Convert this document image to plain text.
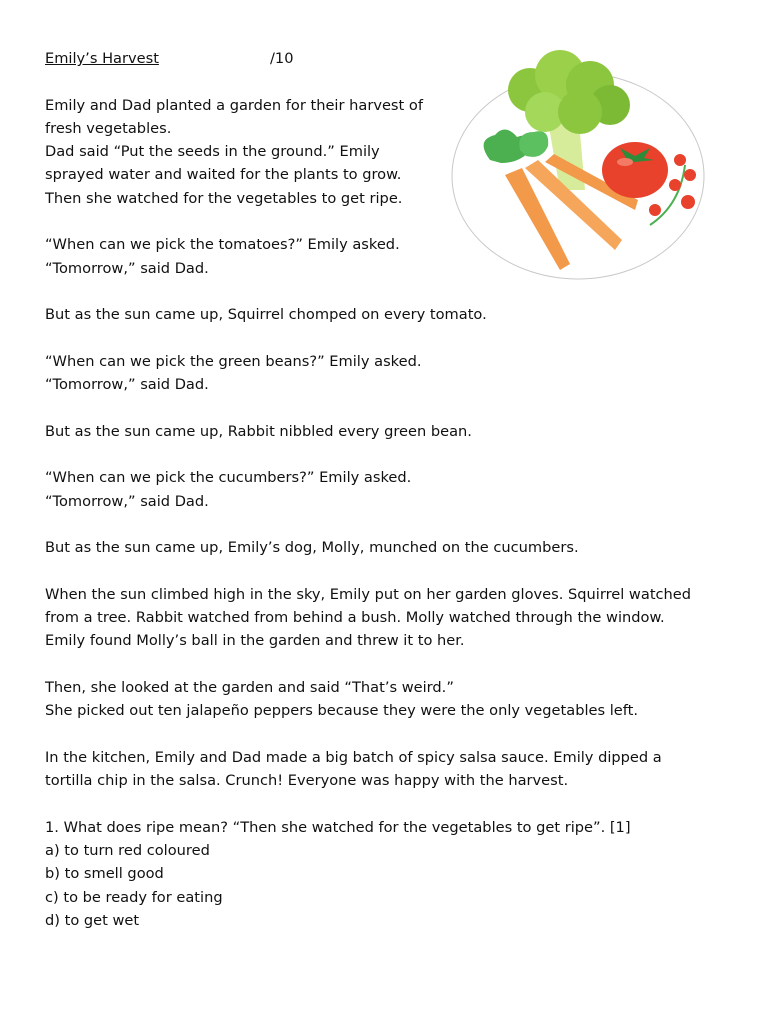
Emily’s Harvest	/10
Emily and Dad planted a garden for their harvest of
fresh vegetables.
Dad said “Put the seeds in the ground.” Emily
sprayed water and waited for the plants to grow.
Then she watched for the vegetables to get ripe.
“When can we pick the tomatoes?” Emily asked.
“Tomorrow,” said Dad.
But as the sun came up, Squirrel chomped on every tomato.
“When can we pick the green beans?” Emily asked.
“Tomorrow,” said Dad.
But as the sun came up, Rabbit nibbled every green bean.
“When can we pick the cucumbers?” Emily asked.
“Tomorrow,” said Dad.
But as the sun came up, Emily’s dog, Molly, munched on the cucumbers.
When the sun climbed high in the sky, Emily put on her garden gloves. Squirrel watched
from a tree. Rabbit watched from behind a bush. Molly watched through the window.
Emily found Molly’s ball in the garden and threw it to her.
Then, she looked at the garden and said “That’s weird.”
She picked out ten jalapeño peppers because they were the only vegetables left.
In the kitchen, Emily and Dad made a big batch of spicy salsa sauce. Emily dipped a
tortilla chip in the salsa. Crunch! Everyone was happy with the harvest.
1. What does ripe mean? “Then she watched for the vegetables to get ripe”. [1]
a) to turn red coloured
b) to smell good
c) to be ready for eating
d) to get wet
